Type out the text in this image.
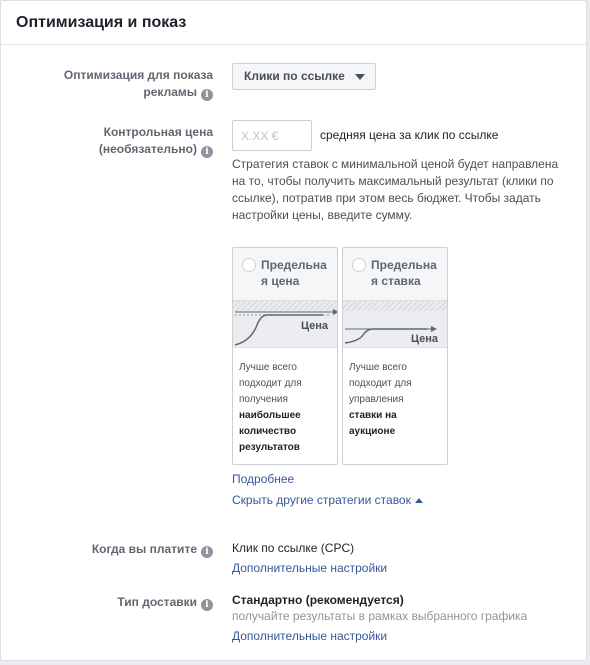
Оптимизация и показ
Оптимизация для показа
рекламы i
Клики по ссылке
Контрольная цена
(необязательно) i
X.XX €
средняя цена за клик по ссылке
Стратегия ставок с минимальной ценой будет направлена на то, чтобы получить максимальный результат (клики по ссылке), потратив при этом весь бюджет. Чтобы задать настройки цены, введите сумму.
Предельна
я цена
Цена
Лучше всего
подходит для
получения
наибольшее
количество
результатов
Предельна
я ставка
Цена
Лучше всего
подходит для
управления
ставки на
аукционе
Подробнее
Скрыть другие стратегии ставок
Когда вы платите i	Клик по ссылке (CPC)
Дополнительные настройки
Тип доставки i	Стандартно (рекомендуется)
получайте результаты в рамках выбранного графика
Дополнительные настройки
